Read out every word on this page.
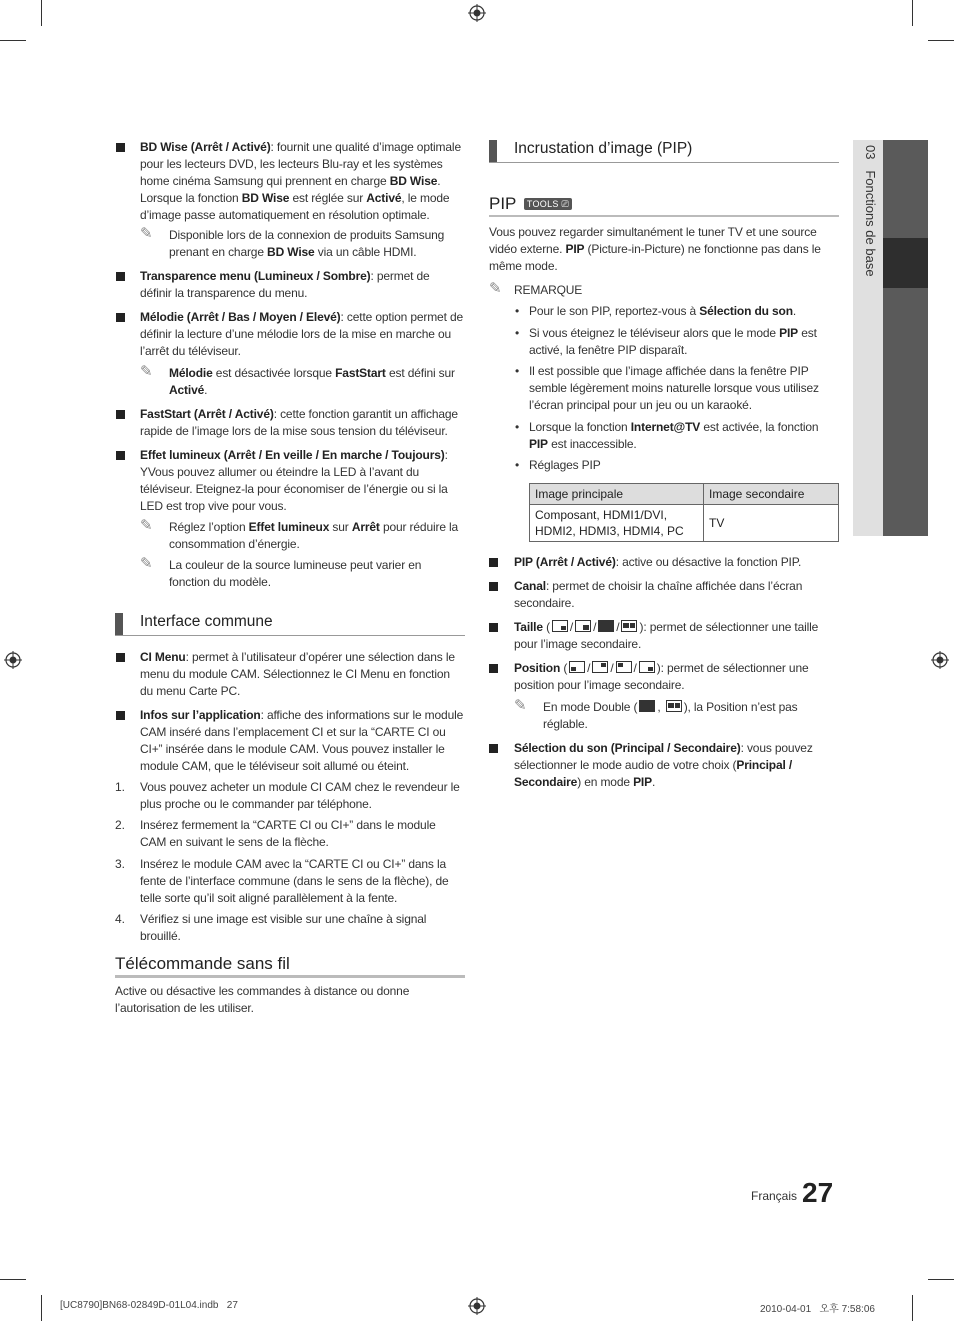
03   Fonctions de base
BD Wise (Arrêt / Activé): fournit une qualité d’image optimale pour les lecteurs DVD, les lecteurs Blu-ray et les systèmes home cinéma Samsung qui prennent en charge BD Wise. Lorsque la fonction BD Wise est réglée sur Activé, le mode d’image passe automatiquement en résolution optimale.
✎ Disponible lors de la connexion de produits Samsung prenant en charge BD Wise via un câble HDMI.
Transparence menu (Lumineux / Sombre): permet de définir la transparence du menu.
Mélodie (Arrêt / Bas / Moyen / Elevé): cette option permet de définir la lecture d’une mélodie lors de la mise en marche ou l’arrêt du téléviseur.
✎ Mélodie est désactivée lorsque FastStart est défini sur Activé.
FastStart (Arrêt / Activé): cette fonction garantit un affichage rapide de l’image lors de la mise sous tension du téléviseur.
Effet lumineux (Arrêt / En veille / En marche / Toujours): YVous pouvez allumer ou éteindre la LED à l’avant du téléviseur. Eteignez-la pour économiser de l’énergie ou si la LED est trop vive pour vous.
✎ Réglez l’option Effet lumineux sur Arrêt pour réduire la consommation d’énergie.
✎ La couleur de la source lumineuse peut varier en fonction du modèle.
Interface commune
CI Menu: permet à l’utilisateur d’opérer une sélection dans le menu du module CAM. Sélectionnez le CI Menu en fonction du menu Carte PC.
Infos sur l’application: affiche des informations sur le module CAM inséré dans l’emplacement CI et sur la “CARTE CI ou CI+” insérée dans le module CAM. Vous pouvez installer le module CAM, que le téléviseur soit allumé ou éteint.
1. Vous pouvez acheter un module CI CAM chez le revendeur le plus proche ou le commander par téléphone.
2. Insérez fermement la “CARTE CI ou CI+” dans le module CAM en suivant le sens de la flèche.
3. Insérez le module CAM avec la “CARTE CI ou CI+” dans la fente de l’interface commune (dans le sens de la flèche), de telle sorte qu’il soit aligné parallèlement à la fente.
4. Vérifiez si une image est visible sur une chaîne à signal brouillé.
Télécommande sans fil
Active ou désactive les commandes à distance ou donne l’autorisation de les utiliser.
Incrustation d’image (PIP)
PIP TOOLS ⎚
Vous pouvez regarder simultanément le tuner TV et une source vidéo externe. PIP (Picture-in-Picture) ne fonctionne pas dans le même mode.
✎ REMARQUE
• Pour le son PIP, reportez-vous à Sélection du son.
• Si vous éteignez le téléviseur alors que le mode PIP est activé, la fenêtre PIP disparaît.
• Il est possible que l’image affichée dans la fenêtre PIP semble légèrement moins naturelle lorsque vous utilisez l’écran principal pour un jeu ou un karaoké.
• Lorsque la fonction Internet@TV est activée, la fonction PIP est inaccessible.
• Réglages PIP
Image principale	Image secondaire
Composant, HDMI1/DVI, HDMI2, HDMI3, HDMI4, PC	TV
PIP (Arrêt / Activé): active ou désactive la fonction PIP.
Canal: permet de choisir la chaîne affichée dans l’écran secondaire.
Taille ( / / / ): permet de sélectionner une taille pour l’image secondaire.
Position ( / / / ): permet de sélectionner une position pour l’image secondaire.
✎ En mode Double ( ,
), la Position n’est pas réglable.
Sélection du son (Principal / Secondaire): vous pouvez sélectionner le mode audio de votre choix (Principal / Secondaire) en mode PIP.
Français 27
[UC8790]BN68-02849D-01L04.indb   27	2010-04-01   오후 7:58:06
